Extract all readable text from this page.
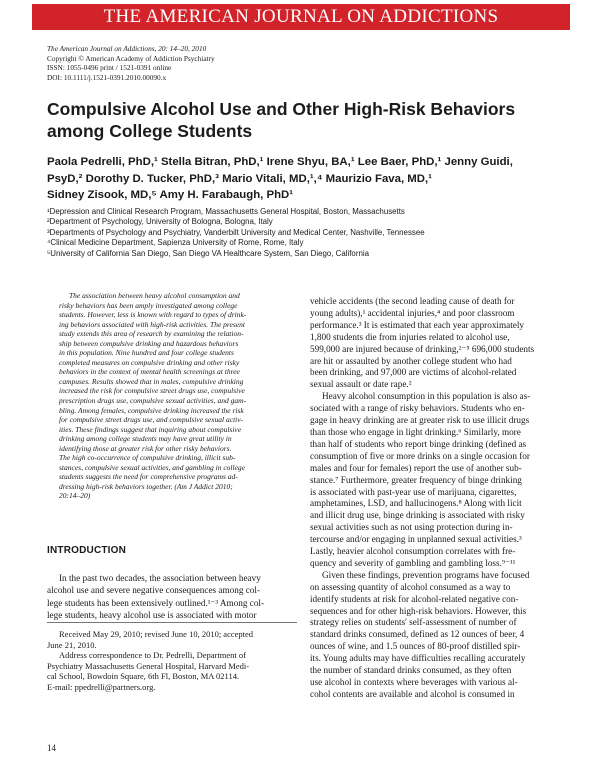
THE AMERICAN JOURNAL ON ADDICTIONS
The American Journal on Addictions, 20: 14–20, 2010
Copyright © American Academy of Addiction Psychiatry
ISSN: 1055-0496 print / 1521-0391 online
DOI: 10.1111/j.1521-0391.2010.00090.x
Compulsive Alcohol Use and Other High-Risk Behaviors
among College Students
Paola Pedrelli, PhD,¹ Stella Bitran, PhD,¹ Irene Shyu, BA,¹ Lee Baer, PhD,¹ Jenny Guidi,
PsyD,² Dorothy D. Tucker, PhD,³ Mario Vitali, MD,¹,⁴ Maurizio Fava, MD,¹
Sidney Zisook, MD,⁵ Amy H. Farabaugh, PhD¹
¹Depression and Clinical Research Program, Massachusetts General Hospital, Boston, Massachusetts
²Department of Psychology, University of Bologna, Bologna, Italy
³Departments of Psychology and Psychiatry, Vanderbilt University and Medical Center, Nashville, Tennessee
⁴Clinical Medicine Department, Sapienza University of Rome, Rome, Italy
⁵University of California San Diego, San Diego VA Healthcare System, San Diego, California
The association between heavy alcohol consumption and
risky behaviors has been amply investigated among college
students. However, less is known with regard to types of drink-
ing behaviors associated with high-risk activities. The present
study extends this area of research by examining the relation-
ship between compulsive drinking and hazardous behaviors
in this population. Nine hundred and four college students
completed measures on compulsive drinking and other risky
behaviors in the context of mental health screenings at three
campuses. Results showed that in males, compulsive drinking
increased the risk for compulsive street drugs use, compulsive
prescription drugs use, compulsive sexual activities, and gam-
bling. Among females, compulsive drinking increased the risk
for compulsive street drugs use, and compulsive sexual activ-
ities. These findings suggest that inquiring about compulsive
drinking among college students may have great utility in
identifying those at greater risk for other risky behaviors.
The high co-occurrence of compulsive drinking, illicit sub-
stances, compulsive sexual activities, and gambling in college
students suggests the need for comprehensive programs ad-
dressing high-risk behaviors together. (Am J Addict 2010;
20:14–20)
INTRODUCTION
In the past two decades, the association between heavy
alcohol use and severe negative consequences among col-
lege students has been extensively outlined.¹⁻³ Among col-
lege students, heavy alcohol use is associated with motor
Received May 29, 2010; revised June 10, 2010; accepted
June 21, 2010.
Address correspondence to Dr. Pedrelli, Department of
Psychiatry Massachusetts General Hospital, Harvard Medi-
cal School, Bowdoin Square, 6th Fl, Boston, MA 02114.
E-mail: ppedrelli@partners.org.
vehicle accidents (the second leading cause of death for
young adults),¹ accidental injuries,⁴ and poor classroom
performance.³ It is estimated that each year approximately
1,800 students die from injuries related to alcohol use,
599,000 are injured because of drinking,²⁻⁵ 696,000 students
are hit or assaulted by another college student who had
been drinking, and 97,000 are victims of alcohol-related
sexual assault or date rape.²
Heavy alcohol consumption in this population is also as-
sociated with a range of risky behaviors. Students who en-
gage in heavy drinking are at greater risk to use illicit drugs
than those who engage in light drinking.⁶ Similarly, more
than half of students who report binge drinking (defined as
consumption of five or more drinks on a single occasion for
males and four for females) report the use of another sub-
stance.⁷ Furthermore, greater frequency of binge drinking
is associated with past-year use of marijuana, cigarettes,
amphetamines, LSD, and hallucinogens.⁸ Along with licit
and illicit drug use, binge drinking is associated with risky
sexual activities such as not using protection during in-
tercourse and/or engaging in unplanned sexual activities.³
Lastly, heavier alcohol consumption correlates with fre-
quency and severity of gambling and gambling loss.⁹⁻¹¹
Given these findings, prevention programs have focused
on assessing quantity of alcohol consumed as a way to
identify students at risk for alcohol-related negative con-
sequences and for other high-risk behaviors. However, this
strategy relies on students' self-assessment of number of
standard drinks consumed, defined as 12 ounces of beer, 4
ounces of wine, and 1.5 ounces of 80-proof distilled spir-
its. Young adults may have difficulties recalling accurately
the number of standard drinks consumed, as they often
use alcohol in contexts where beverages with various al-
cohol contents are available and alcohol is consumed in
14
